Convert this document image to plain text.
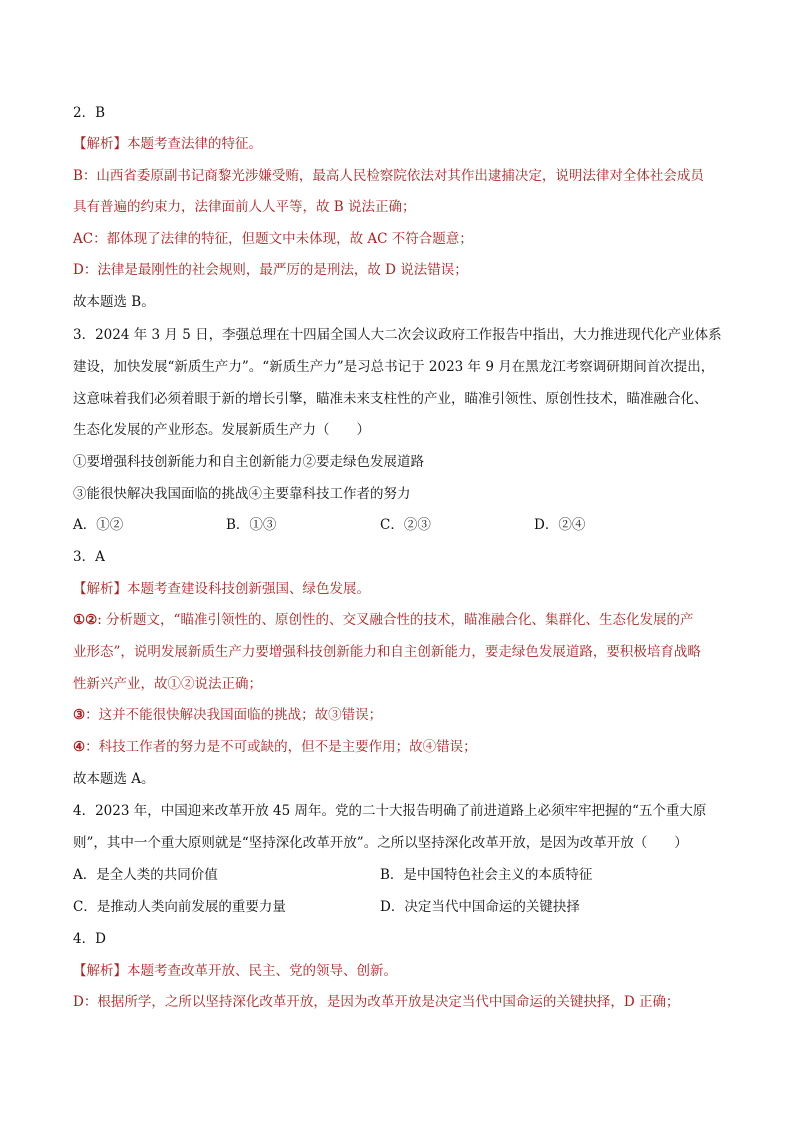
2．B
【解析】本题考查法律的特征。
B：山西省委原副书记商黎光涉嫌受贿，最高人民检察院依法对其作出逮捕决定，说明法律对全体社会成员
具有普遍的约束力，法律面前人人平等，故 B 说法正确；
AC：都体现了法律的特征，但题文中未体现，故 AC 不符合题意；
D：法律是最刚性的社会规则，最严厉的是刑法，故 D 说法错误；
故本题选 B。
3．2024 年 3 月 5 日，李强总理在十四届全国人大二次会议政府工作报告中指出，大力推进现代化产业体系
建设，加快发展“新质生产力”。“新质生产力”是习总书记于 2023 年 9 月在黑龙江考察调研期间首次提出，
这意味着我们必须着眼于新的增长引擎，瞄准未来支柱性的产业，瞄准引领性、原创性技术，瞄准融合化、
生态化发展的产业形态。发展新质生产力（　　）
①要增强科技创新能力和自主创新能力②要走绿色发展道路
③能很快解决我国面临的挑战④主要靠科技工作者的努力
A．①②	B．①③	C．②③	D．②④
3．A
【解析】本题考查建设科技创新强国、绿色发展。
①②: 分析题文，“瞄准引领性的、原创性的、交叉融合性的技术，瞄准融合化、集群化、生态化发展的产
业形态”，说明发展新质生产力要增强科技创新能力和自主创新能力，要走绿色发展道路，要积极培育战略
性新兴产业，故①②说法正确；
③：这并不能很快解决我国面临的挑战；故③错误；
④：科技工作者的努力是不可或缺的，但不是主要作用；故④错误；
故本题选 A。
4．2023 年，中国迎来改革开放 45 周年。党的二十大报告明确了前进道路上必须牢牢把握的“五个重大原
则”，其中一个重大原则就是“坚持深化改革开放”。之所以坚持深化改革开放，是因为改革开放（　　）
A．是全人类的共同价值	B．是中国特色社会主义的本质特征
C．是推动人类向前发展的重要力量	D．决定当代中国命运的关键抉择
4．D
【解析】本题考查改革开放、民主、党的领导、创新。
D：根据所学，之所以坚持深化改革开放，是因为改革开放是决定当代中国命运的关键抉择，D 正确；
